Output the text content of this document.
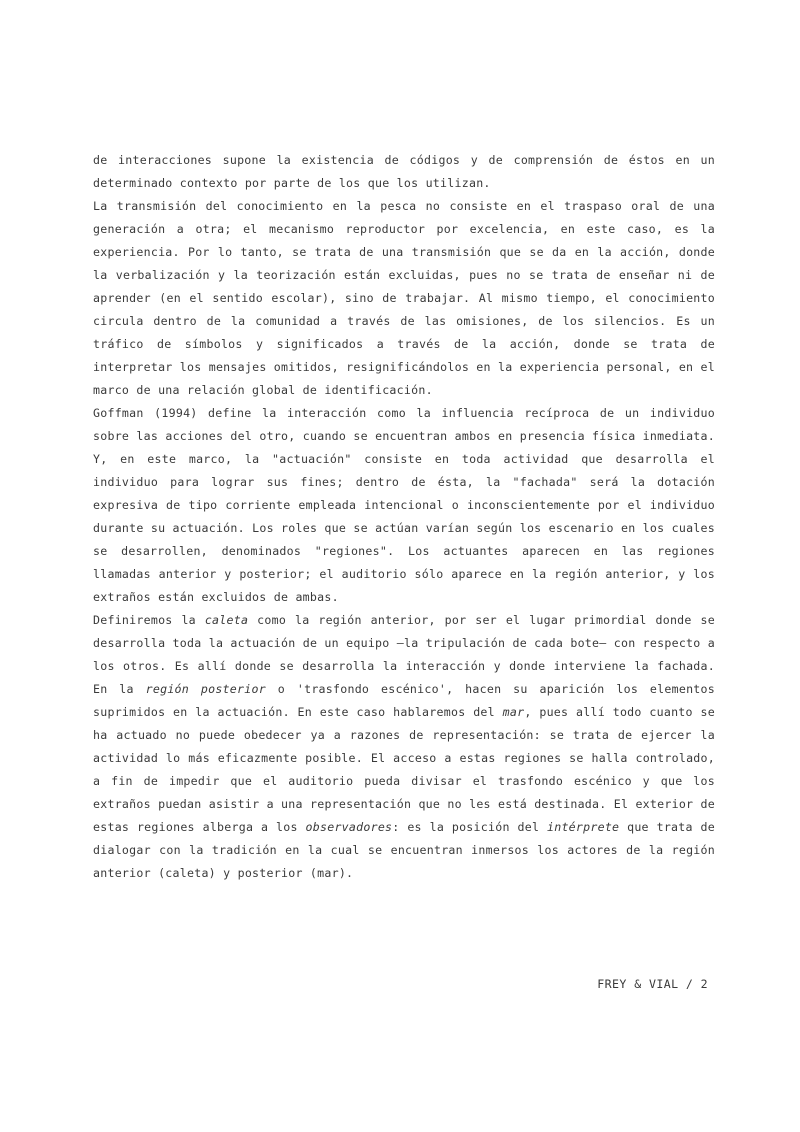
de interacciones supone la existencia de códigos y de comprensión de éstos en un determinado contexto por parte de los que los utilizan.

La transmisión del conocimiento en la pesca no consiste en el traspaso oral de una generación a otra; el mecanismo reproductor por excelencia, en este caso, es la experiencia. Por lo tanto, se trata de una transmisión que se da en la acción, donde la verbalización y la teorización están excluidas, pues no se trata de enseñar ni de aprender (en el sentido escolar), sino de trabajar. Al mismo tiempo, el conocimiento circula dentro de la comunidad a través de las omisiones, de los silencios. Es un tráfico de símbolos y significados a través de la acción, donde se trata de interpretar los mensajes omitidos, resignificándolos en la experiencia personal, en el marco de una relación global de identificación.

Goffman (1994) define la interacción como la influencia recíproca de un individuo sobre las acciones del otro, cuando se encuentran ambos en presencia física inmediata. Y, en este marco, la "actuación" consiste en toda actividad que desarrolla el individuo para lograr sus fines; dentro de ésta, la "fachada" será la dotación expresiva de tipo corriente empleada intencional o inconscientemente por el individuo durante su actuación. Los roles que se actúan varían según los escenario en los cuales se desarrollen, denominados "regiones". Los actuantes aparecen en las regiones llamadas anterior y posterior; el auditorio sólo aparece en la región anterior, y los extraños están excluidos de ambas.

Definiremos la caleta como la región anterior, por ser el lugar primordial donde se desarrolla toda la actuación de un equipo —la tripulación de cada bote— con respecto a los otros. Es allí donde se desarrolla la interacción y donde interviene la fachada. En la región posterior o 'trasfondo escénico', hacen su aparición los elementos suprimidos en la actuación. En este caso hablaremos del mar, pues allí todo cuanto se ha actuado no puede obedecer ya a razones de representación: se trata de ejercer la actividad lo más eficazmente posible. El acceso a estas regiones se halla controlado, a fin de impedir que el auditorio pueda divisar el trasfondo escénico y que los extraños puedan asistir a una representación que no les está destinada. El exterior de estas regiones alberga a los observadores: es la posición del intérprete que trata de dialogar con la tradición en la cual se encuentran inmersos los actores de la región anterior (caleta) y posterior (mar).

FREY & VIAL / 2
